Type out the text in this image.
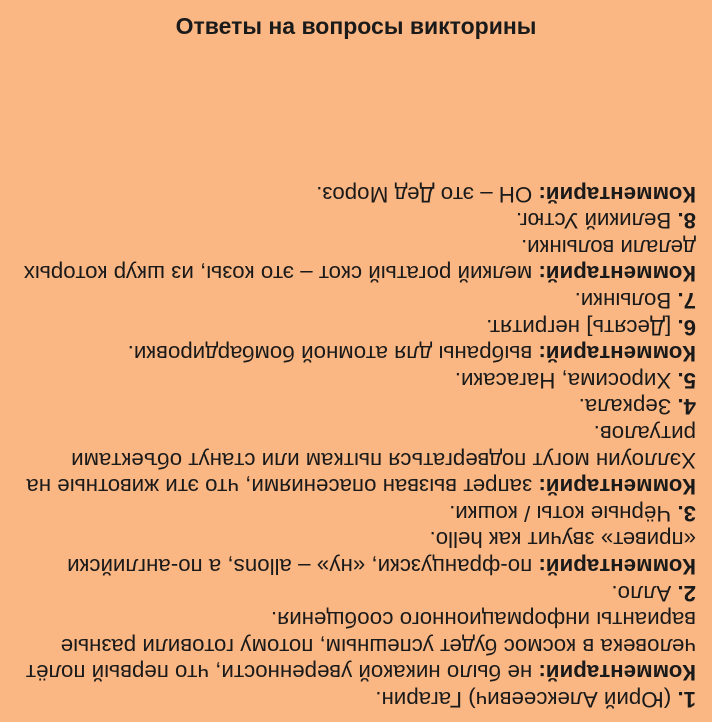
Ответы на вопросы викторины

1. (Юрий Алексеевич) Гагарин.

Комментарий: не было никакой уверенности, что первый полёт человека в космос будет успешным, потому готовили разные варианты информационного сообщения.

2. Алло.

Комментарий: по-французски, «ну» – allons, а по-английски «привет» звучит как hello.

3. Чёрные коты / кошки.

Комментарий: запрет вызван опасениями, что эти животные на Хэллоуин могут подвергаться пыткам или станут объектами ритуалов.

4. Зеркала.

5. Хиросима, Нагасаки.

Комментарий: выбраны для атомной бомбардировки.

6. [Десять] негритят.

7. Волынки.

Комментарий: мелкий рогатый скот – это козы, из шкур которых делали волынки.

8. Великий Устюг.

Комментарий: ОН – это Дед Мороз.
